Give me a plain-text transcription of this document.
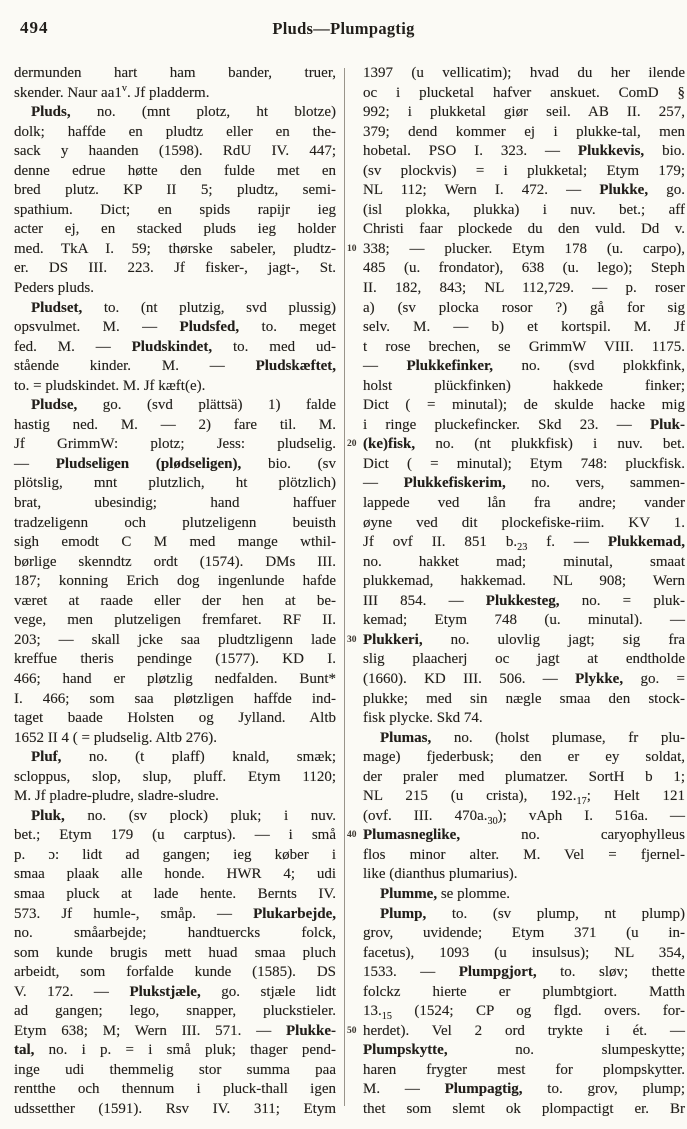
494	Pluds—Plumpagtig
dermunden hart ham bander, truer,
skender. Naur aa1$^v$. Jf pladderm.
Pluds, no. (mnt plotz, ht blotze)
dolk; haffde en pludtz eller en the-
sack y haanden (1598). RdU IV. 447;
denne edrue høtte den fulde met en
bred plutz. KP II 5; pludtz, semi-
spathium. Dict; en spids rapijr ieg
acter ej, en stacked pluds ieg holder
med. TkA I. 59; thørske sabeler, pludtz-
er. DS III. 223. Jf fisker-, jagt-, St.
Peders pluds.
Pludset, to. (nt plutzig, svd plussig)
opsvulmet. M. — Pludsfed, to. meget
fed. M. — Pludskindet, to. med ud-
stående kinder. M. — Pludskæftet,
to. = pludskindet. M. Jf kæft(e).
Pludse, go. (svd plättsä) 1) falde
hastig ned. M. — 2) fare til. M.
Jf GrimmW: plotz; Jess: pludselig.
— Pludseligen (plødseligen), bio. (sv
plötslig, mnt plutzlich, ht plötzlich)
brat, ubesindig; hand haffuer
tradzeligenn och plutzeligenn beuisth
sigh emodt C M med mange wthil-
børlige skenndtz ordt (1574). DMs III.
187; konning Erich dog ingenlunde hafde
været at raade eller der hen at be-
vege, men plutzeligen fremfaret. RF II.
203; — skall jcke saa pludtzligenn lade
kreffue theris pendinge (1577). KD I.
466; hand er pløtzlig nedfalden. Bunt*
I. 466; som saa pløtzligen haffde ind-
taget baade Holsten og Jylland. Altb
1652 II 4 ( = pludselig. Altb 276).
Pluf, no. (t plaff) knald, smæk;
scloppus, slop, slup, pluff. Etym 1120;
M. Jf pladre-pludre, sladre-sludre.
Pluk, no. (sv plock) pluk; i nuv.
bet.; Etym 179 (u carptus). — i små
p. ɔ: lidt ad gangen; ieg køber i
smaa plaak alle honde. HWR 4; udi
smaa pluck at lade hente. Bernts IV.
573. Jf humle-, småp. — Plukarbejde,
no. småarbejde; handtuercks folck,
som kunde brugis mett huad smaa pluch
arbeidt, som forfalde kunde (1585). DS
V. 172. — Plukstjæle, go. stjæle lidt
ad gangen; lego, snapper, pluckstieler.
Etym 638; M; Wern III. 571. — Plukke-
tal, no. i p. = i små pluk; thager pend-
inge udi themmelig stor summa paa
rentthe och thennum i pluck-thall igen
udssetther (1591). Rsv IV. 311; Etym
1397 (u vellicatim); hvad du her ilende
oc i plucketal hafver anskuet. ComD §
992; i plukketal giør seil. AB II. 257,
379; dend kommer ej i plukke-tal, men
hobetal. PSO I. 323. — Plukkevis, bio.
(sv plockvis) = i plukketal; Etym 179;
NL 112; Wern I. 472. — Plukke, go.
(isl plokka, plukka) i nuv. bet.; aff
Christi faar plockede du den vuld. Dd v.
10 338; — plucker. Etym 178 (u. carpo),
485 (u. frondator), 638 (u. lego); Steph
II. 182, 843; NL 112,729. — p. roser
a) (sv plocka rosor ?) gå for sig
selv. M. — b) et kortspil. M. Jf
t rose brechen, se GrimmW VIII. 1175.
— Plukkefinker, no. (svd plokkfink,
holst plückfinken) hakkede finker;
Dict ( = minutal); de skulde hacke mig
i ringe pluckefincker. Skd 23. — Pluk-
20 (ke)fisk, no. (nt plukkfisk) i nuv. bet.
Dict ( = minutal); Etym 748: pluckfisk.
— Plukkefiskerim, no. vers, sammen-
lappede ved lån fra andre; vander
øyne ved dit plockefiske-riim. KV 1.
Jf ovf II. 851 $b._{23}$ f. — Plukkemad,
no. hakket mad; minutal, smaat
plukkemad, hakkemad. NL 908; Wern
III 854. — Plukkesteg, no. = pluk-
kemad; Etym 748 (u. minutal). —
30 Plukkeri, no. ulovlig jagt; sig fra
slig plaacherj oc jagt at endtholde
(1660). KD III. 506. — Plykke, go. =
plukke; med sin nægle smaa den stock-
fisk plycke. Skd 74.
Plumas, no. (holst plumase, fr plu-
mage) fjederbusk; den er ey soldat,
der praler med plumatzer. SortH b 1;
NL 215 (u crista), $192._{17}$; Helt 121
(ovf. III. $470a._{30}$); vAph I. 516a. —
40 Plumasneglike, no. caryophylleus
flos minor alter. M. Vel = fjernel-
like (dianthus plumarius).
Plumme, se plomme.
Plump, to. (sv plump, nt plump)
grov, uvidende; Etym 371 (u in-
facetus), 1093 (u insulsus); NL 354,
1533. — Plumpgjort, to. sløv; thette
folckz hierte er plumbtgiort. Matth
$13._{15}$ (1524; CP og flgd. overs. for-
50 herdet). Vel 2 ord trykte i ét. —
Plumpskytte, no. slumpeskytte;
haren frygter mest for plompskytter.
M. — Plumpagtig, to. grov, plump;
thet som slemt ok plompactigt er. Br
